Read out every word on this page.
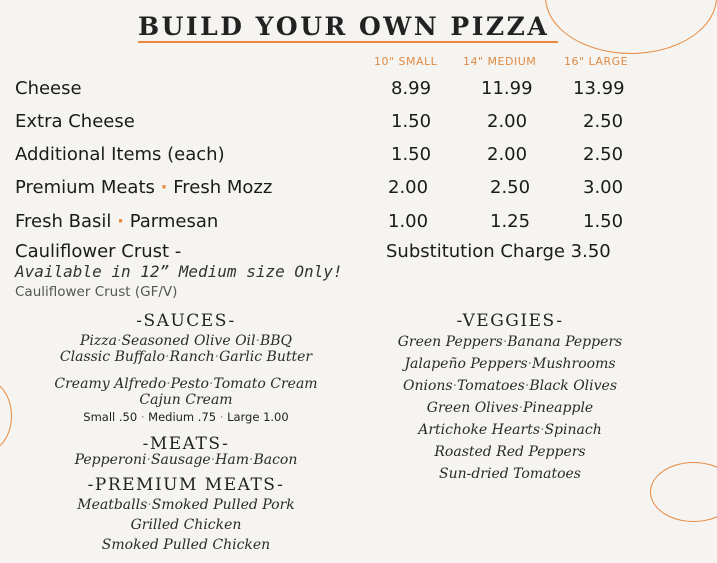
BUILD YOUR OWN PIZZA
10" SMALL 14" MEDIUM	16" LARGE
Cheese	8.99	11.99 13.99
Extra Cheese	1.50	2.00	2.50
Additional Items (each)	1.50	2.00	2.50
Premium Meats · Fresh Mozz	2.00	2.50	3.00
Fresh Basil · Parmesan	1.00	1.25	1.50
Cauliflower Crust -	Substitution Charge 3.50
Available in 12” Medium size Only!
Cauliflower Crust (GF/V)
-SAUCES-
Pizza·Seasoned Olive Oil·BBQ
Classic Buffalo·Ranch·Garlic Butter
Creamy Alfredo·Pesto·Tomato Cream
Cajun Cream
Small .50 · Medium .75 · Large 1.00
-MEATS-
Pepperoni·Sausage·Ham·Bacon
-PREMIUM MEATS-
Meatballs·Smoked Pulled Pork
Grilled Chicken
Smoked Pulled Chicken
-VEGGIES-
Green Peppers·Banana Peppers
Jalapeño Peppers·Mushrooms
Onions·Tomatoes·Black Olives
Green Olives·Pineapple
Artichoke Hearts·Spinach
Roasted Red Peppers
Sun-dried Tomatoes
